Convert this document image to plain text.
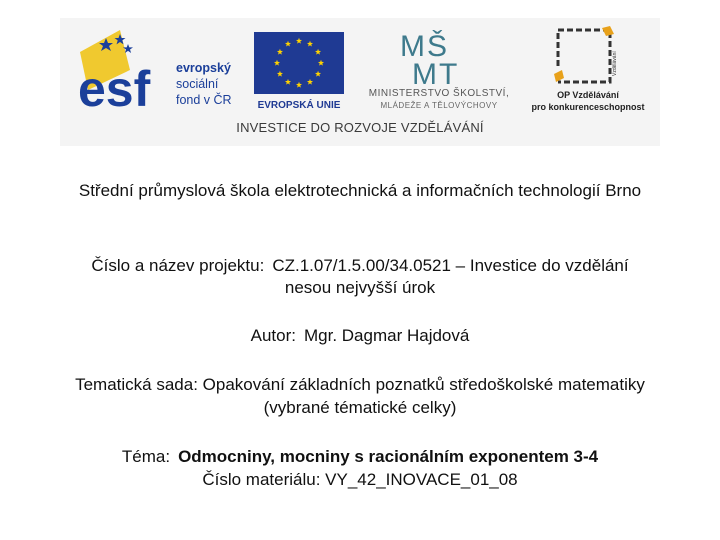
esf evropský
sociální
fond v ČR	EVROPSKÁ UNIE
MŠ
MT
MINISTERSTVO ŠKOLSTVÍ,
MLÁDEŽE A TĚLOVÝCHOVY
Vzdělávání
OP Vzdělávání
pro konkurenceschopnost
INVESTICE DO ROZVOJE VZDĚLÁVÁNÍ
Střední průmyslová škola elektrotechnická a informačních technologií Brno
Číslo a název projektu: CZ.1.07/1.5.00/34.0521 – Investice do vzdělání
nesou nejvyšší úrok
Autor: Mgr. Dagmar Hajdová
Tematická sada: Opakování základních poznatků středoškolské matematiky
(vybrané tématické celky)
Téma: Odmocniny, mocniny s racionálním exponentem 3-4
Číslo materiálu: VY_42_INOVACE_01_08
